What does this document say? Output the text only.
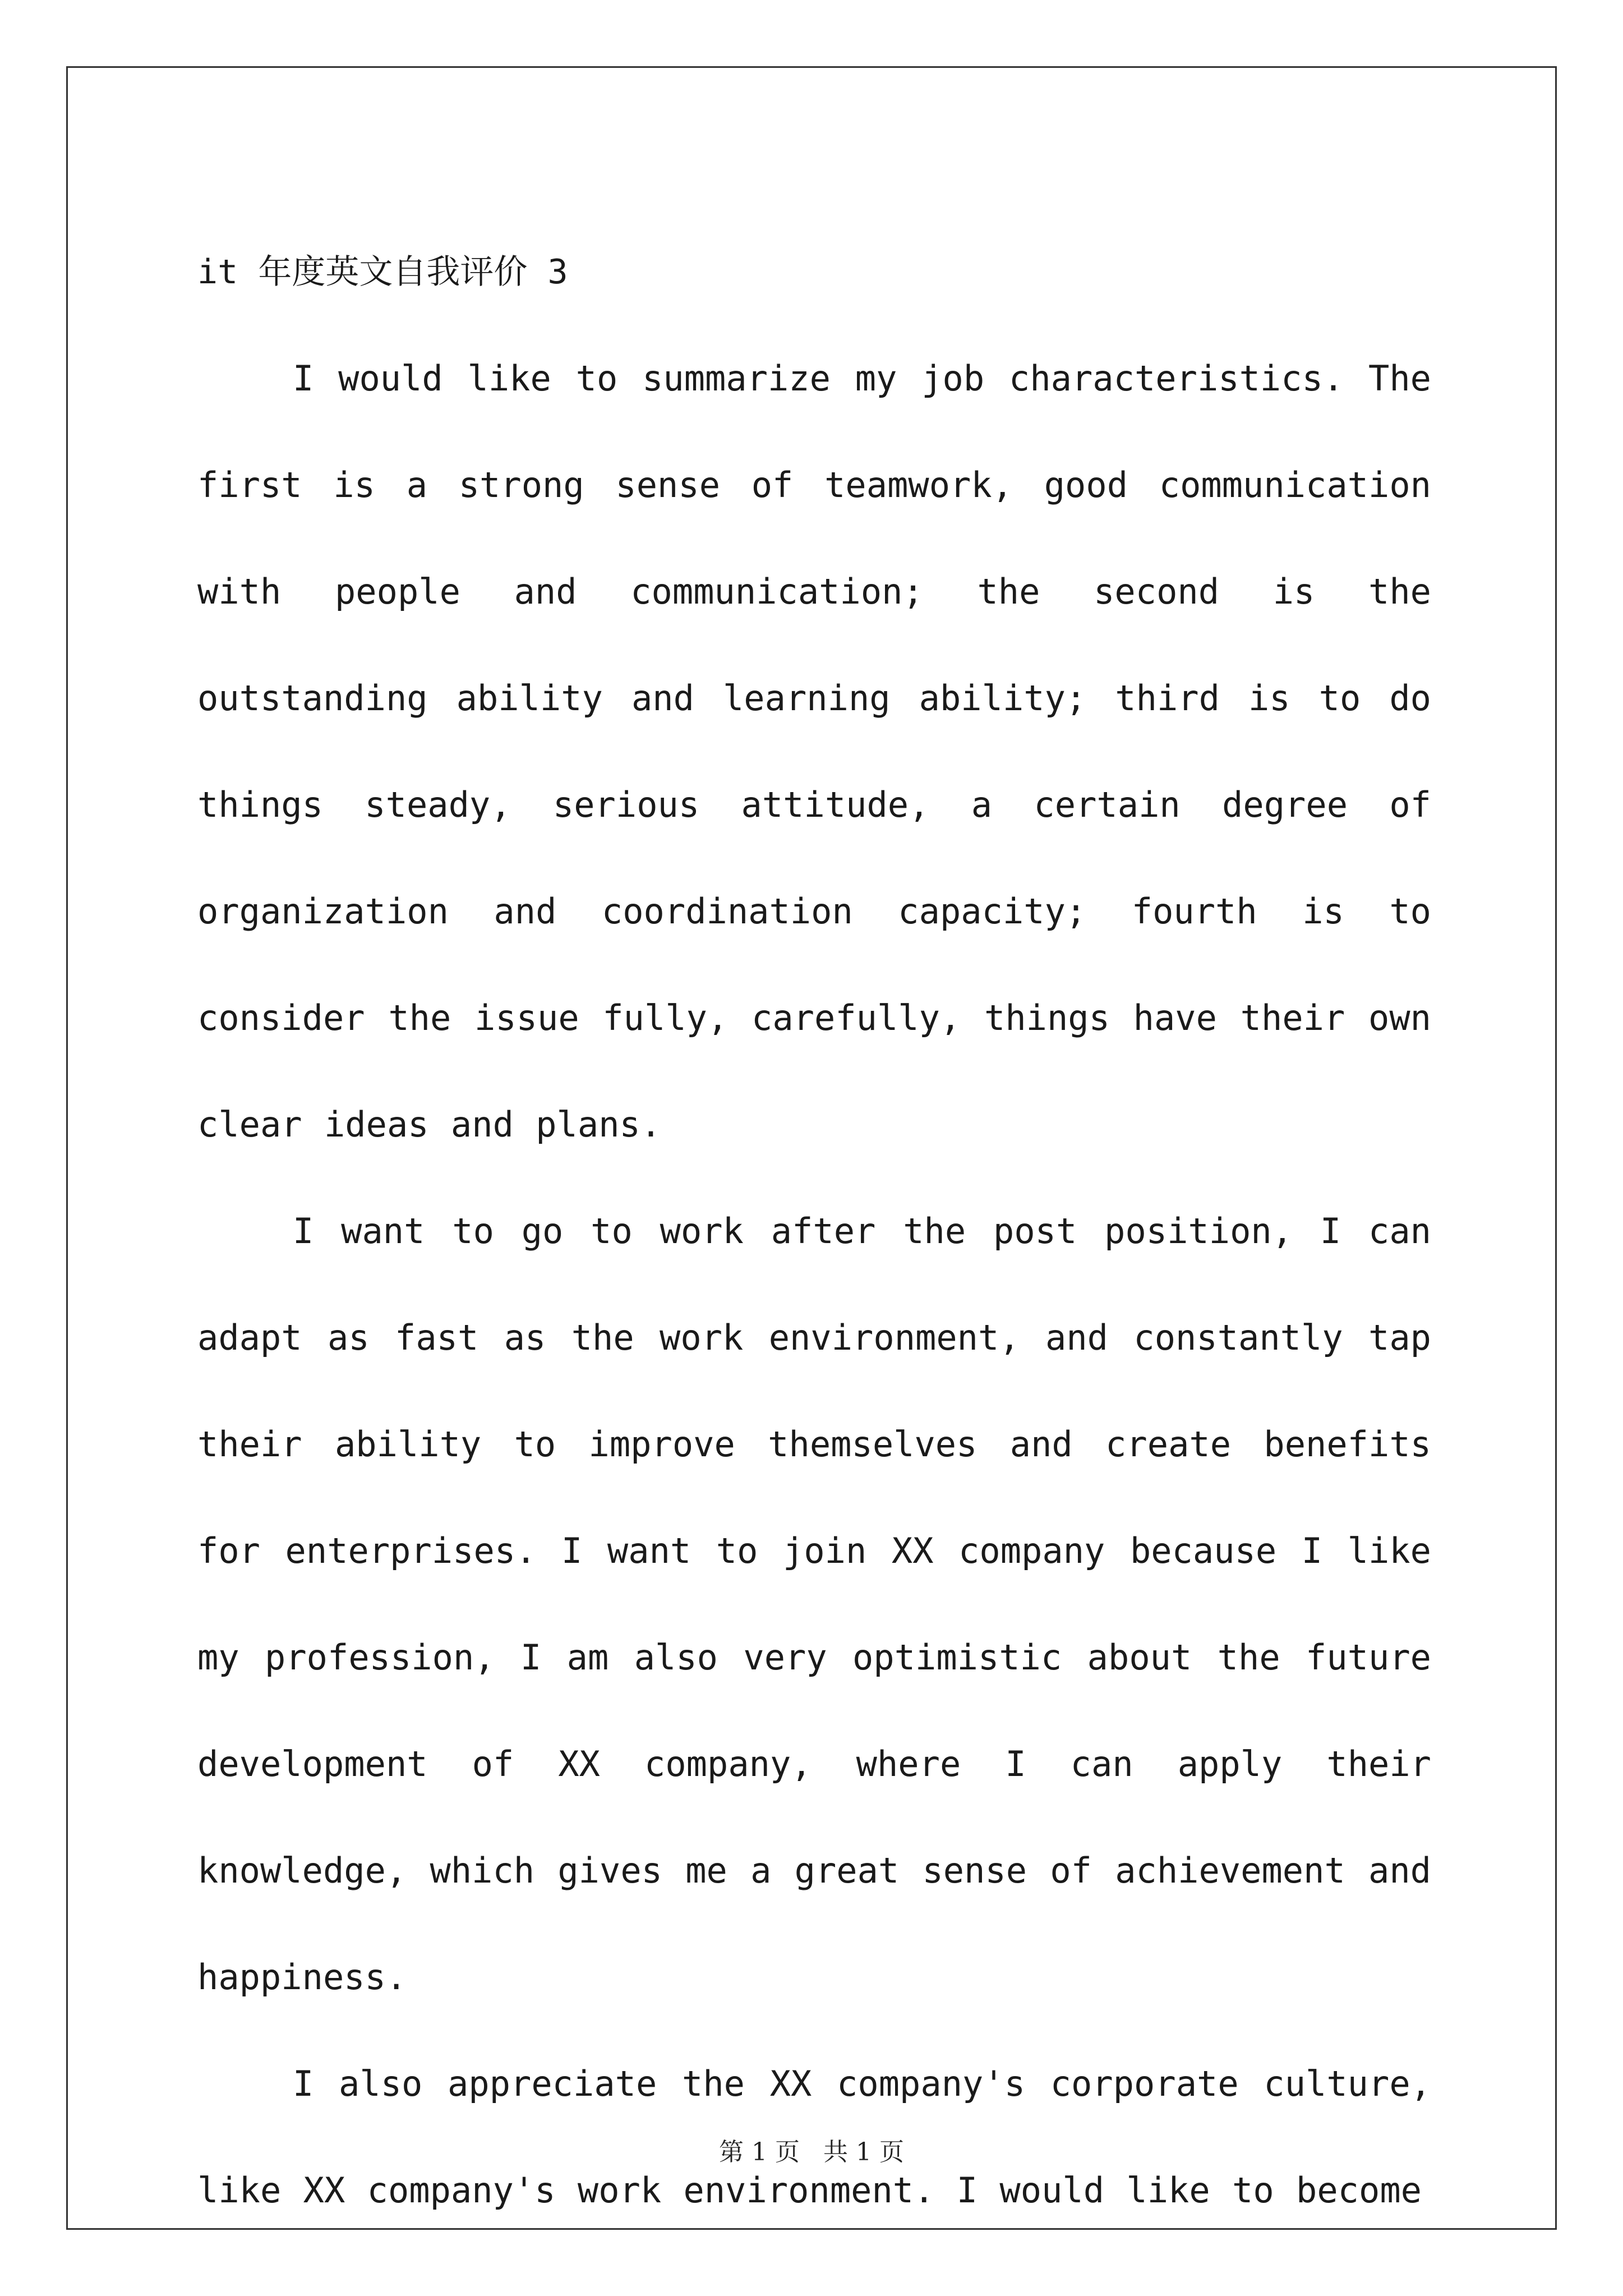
it 年度英文自我评价 3

I would like to summarize my job characteristics. The first is a strong sense of teamwork, good communication with people and communication; the second is the outstanding ability and learning ability; third is to do things steady, serious attitude, a certain degree of organization and coordination capacity; fourth is to consider the issue fully, carefully, things have their own clear ideas and plans.

I want to go to work after the post position, I can adapt as fast as the work environment, and constantly tap their ability to improve themselves and create benefits for enterprises. I want to join XX company because I like my profession, I am also very optimistic about the future development of XX company, where I can apply their knowledge, which gives me a great sense of achievement and happiness.

I also appreciate the XX company's corporate culture, like XX company's work environment. I would like to become

第 1 页   共 1 页
